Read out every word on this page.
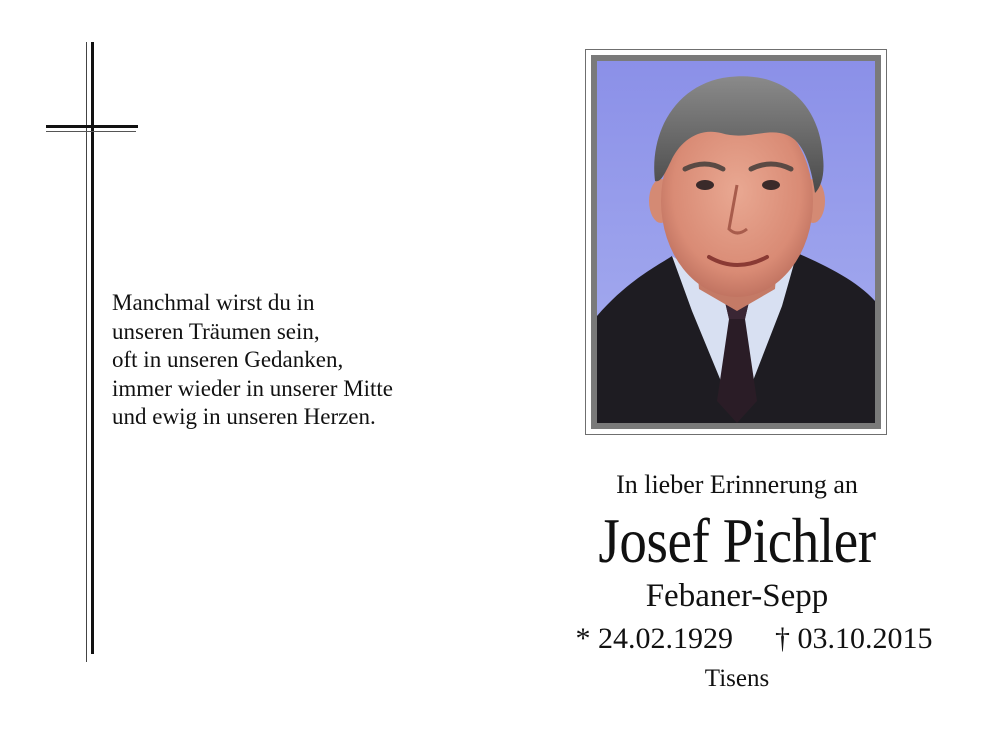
Manchmal wirst du in
unseren Träumen sein,
oft in unseren Gedanken,
immer wieder in unserer Mitte
und ewig in unseren Herzen.
In lieber Erinnerung an
Josef Pichler
Febaner-Sepp
* 24.02.1929 † 03.10.2015
Tisens
